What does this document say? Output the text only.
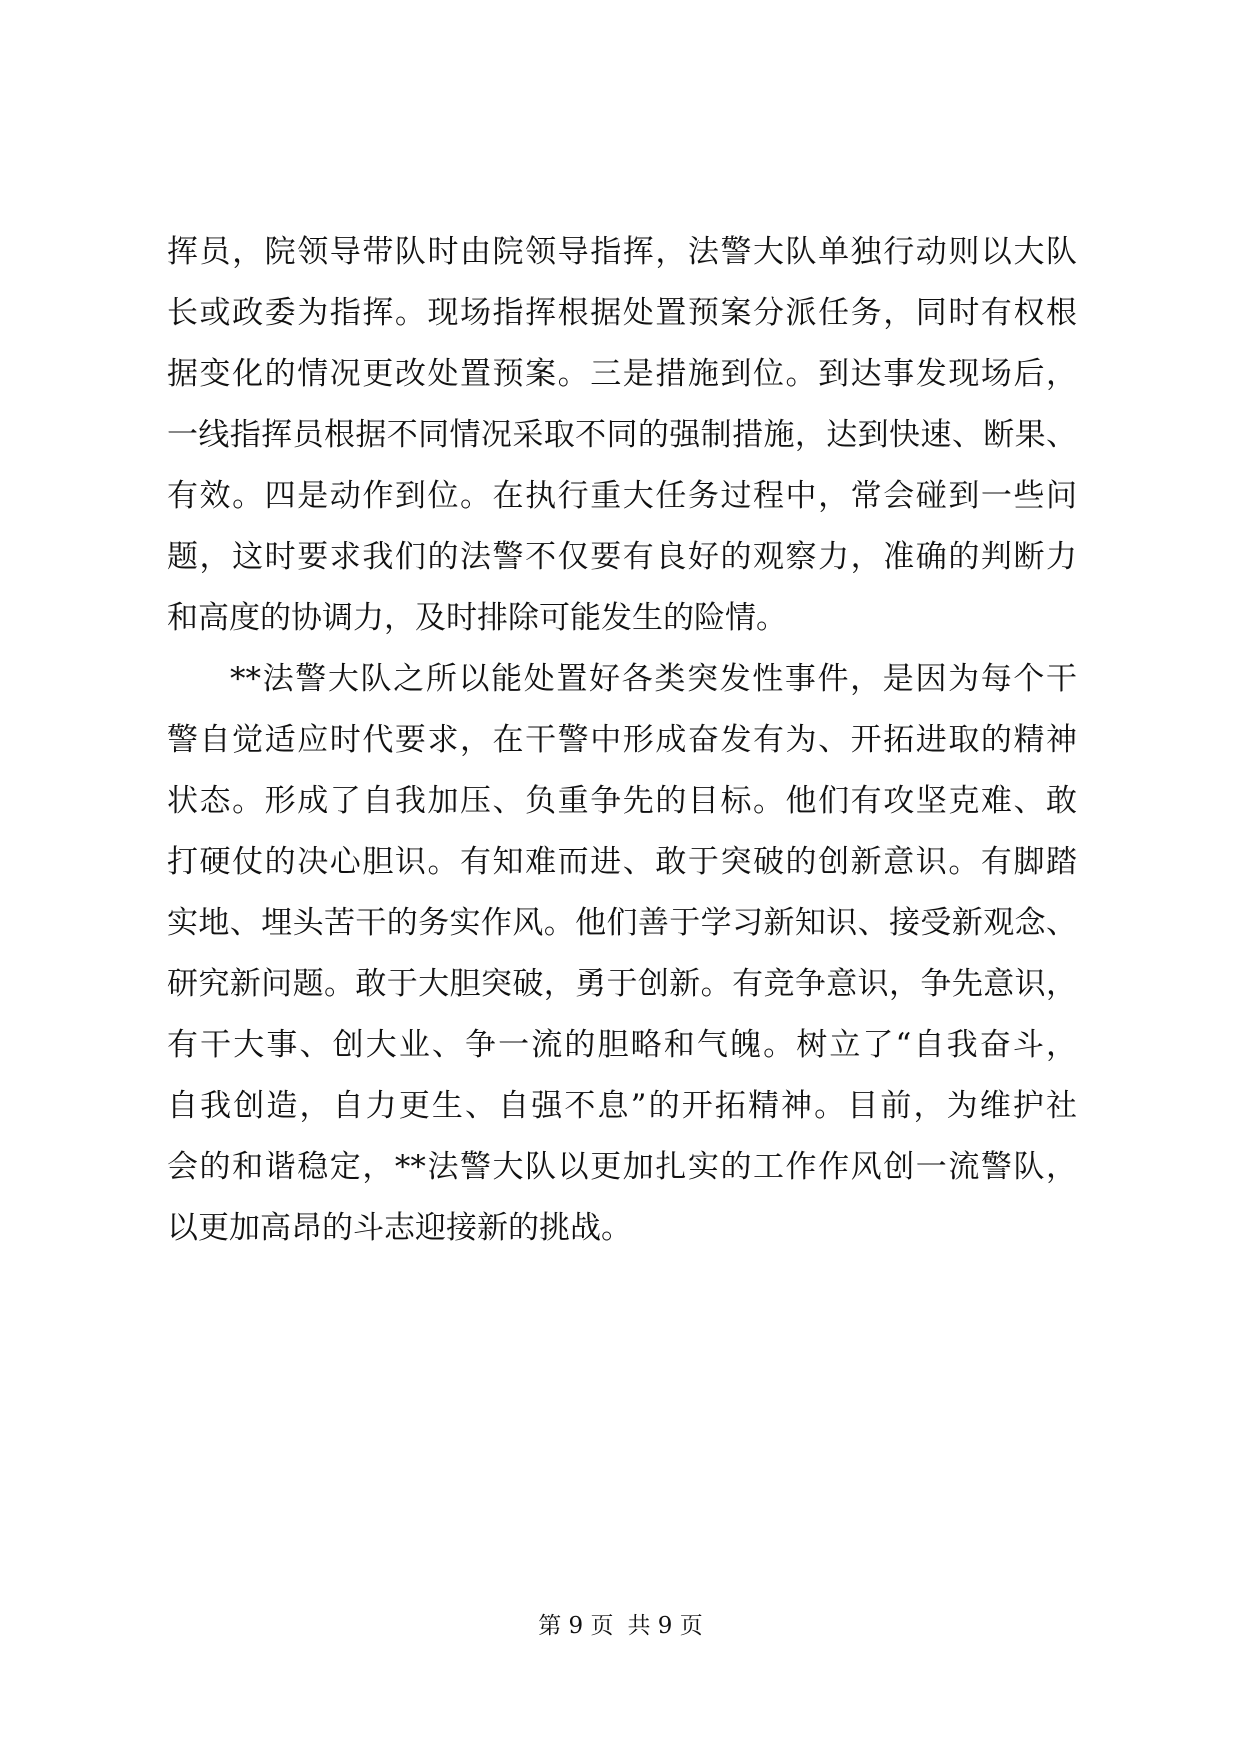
挥员，院领导带队时由院领导指挥，法警大队单独行动则以大队
长或政委为指挥。现场指挥根据处置预案分派任务，同时有权根
据变化的情况更改处置预案。三是措施到位。到达事发现场后，
一线指挥员根据不同情况采取不同的强制措施，达到快速、断果、
有效。四是动作到位。在执行重大任务过程中，常会碰到一些问
题，这时要求我们的法警不仅要有良好的观察力，准确的判断力
和高度的协调力，及时排除可能发生的险情。
**法警大队之所以能处置好各类突发性事件，是因为每个干
警自觉适应时代要求，在干警中形成奋发有为、开拓进取的精神
状态。形成了自我加压、负重争先的目标。他们有攻坚克难、敢
打硬仗的决心胆识。有知难而进、敢于突破的创新意识。有脚踏
实地、埋头苦干的务实作风。他们善于学习新知识、接受新观念、
研究新问题。敢于大胆突破，勇于创新。有竞争意识，争先意识，
有干大事、创大业、争一流的胆略和气魄。树立了“自我奋斗，
自我创造，自力更生、自强不息”的开拓精神。目前，为维护社
会的和谐稳定，**法警大队以更加扎实的工作作风创一流警队，
以更加高昂的斗志迎接新的挑战。
第 9 页 共 9 页
